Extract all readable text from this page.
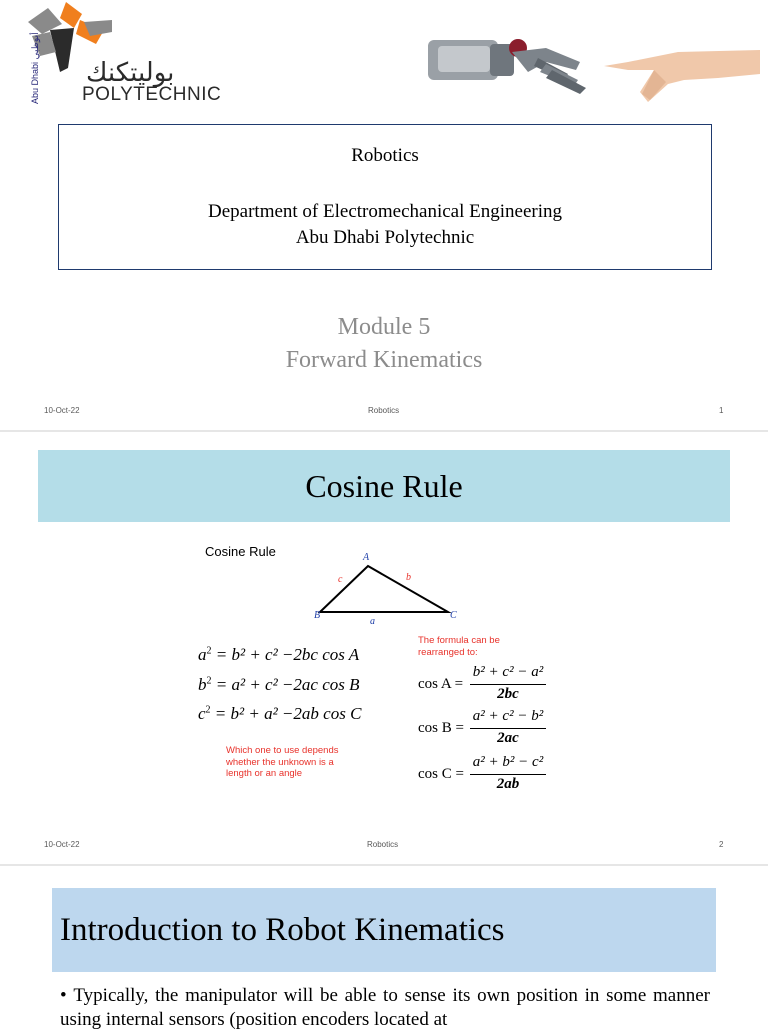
بوليتكنك
POLYTECHNIC
Abu Dhabi أبوظبي
Robotics
Department of Electromechanical Engineering
Abu Dhabi Polytechnic
Module 5
Forward Kinematics
10-Oct-22	Robotics	1
Cosine Rule
Cosine Rule	A
B	C
c	b
a
$a^2 = b^2 + c^2 -2bc$ cos A
$b^2 = a^2 + c^2 -2ac$ cos B
$c^2 = b^2 + a^2 -2ab$ cos C
The formula can be
rearranged to:
Which one to use depends
whether the unknown is a
length or an angle
cos A =
b² + c² − a²
2bc
cos B =
a² + c² − b²
2ac
cos C =
a² + b² − c²
2ab
10-Oct-22	Robotics	2
Introduction to Robot Kinematics
• Typically, the manipulator will be able to sense its own position in some manner using internal sensors (position encoders located at
